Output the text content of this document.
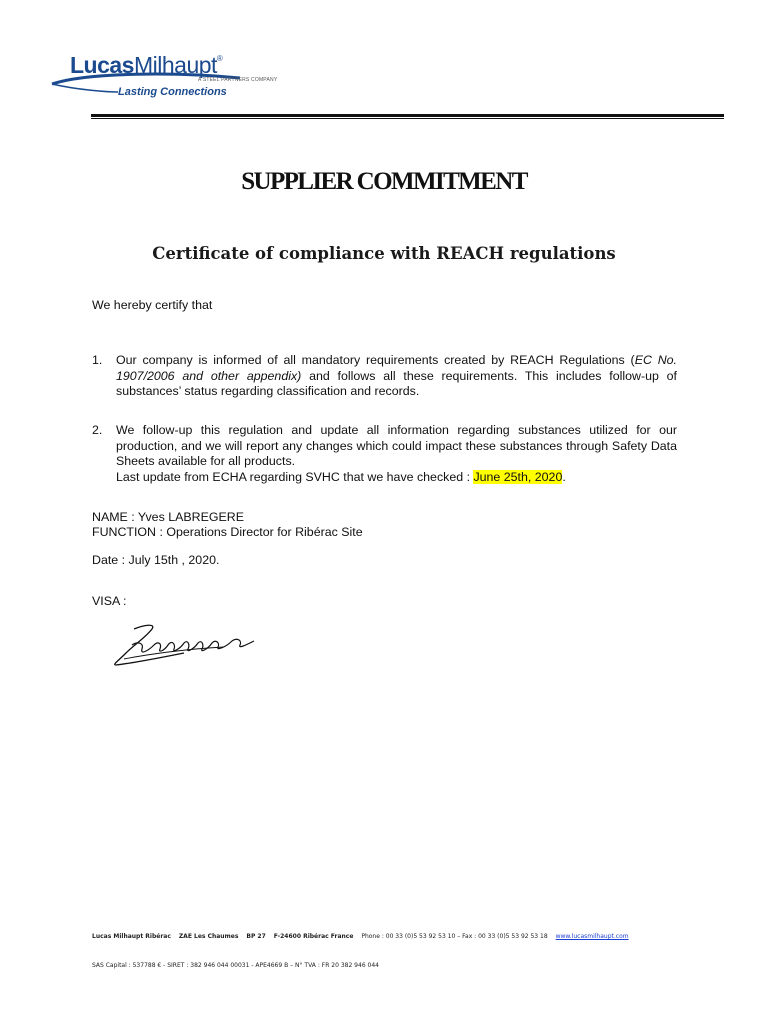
LucasMilhaupt®
A STEEL PARTNERS COMPANY
Lasting Connections
SUPPLIER COMMITMENT
Certificate of compliance with REACH regulations
We hereby certify that
1. Our company is informed of all mandatory requirements created by REACH Regulations (EC No. 1907/2006 and other appendix) and follows all these requirements. This includes follow-up of substances’ status regarding classification and records.
2. We follow-up this regulation and update all information regarding substances utilized for our production, and we will report any changes which could impact these substances through Safety Data Sheets available for all products.
Last update from ECHA regarding SVHC that we have checked : June 25th, 2020.
NAME : Yves LABREGERE
FUNCTION : Operations Director for Ribérac Site
Date : July 15th , 2020.
VISA :
Lucas Milhaupt Ribérac ZAE Les Chaumes BP 27 F-24600 Ribérac France Phone : 00 33 (0)5 53 92 53 10 – Fax : 00 33 (0)5 53 92 53 18 www.lucasmilhaupt.com
SAS Capital : 537788 € - SIRET : 382 946 044 00031 - APE4669 B – N° TVA : FR 20 382 946 044
